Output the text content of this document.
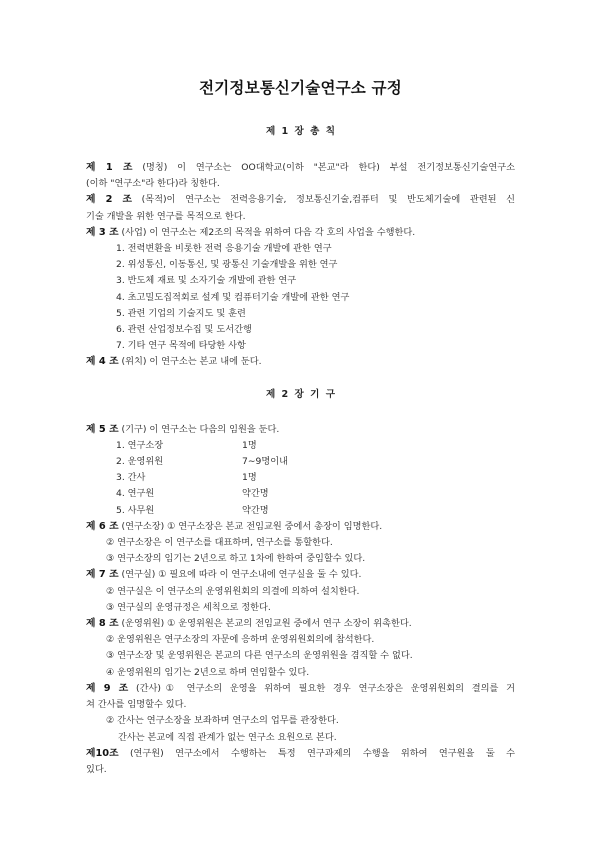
전기정보통신기술연구소 규정
제 1 장 총 칙
제 1 조 (명칭) 이 연구소는 OO대학교(이하 "본교"라 한다) 부설 전기정보통신기술연구소
(이하 "연구소"라 한다)라 칭한다.
제 2 조 (목적)이 연구소는 전력응용기술, 정보통신기술,컴퓨터 및 반도체기술에 관련된 신
기술 개발을 위한 연구를 목적으로 한다.
제 3 조 (사업) 이 연구소는 제2조의 목적을 위하여 다음 각 호의 사업을 수행한다.
1. 전력변환을 비롯한 전력 응용기술 개발에 관한 연구
2. 위성통신, 이동통신, 및 광통신 기술개발을 위한 연구
3. 반도체 재료 및 소자기술 개발에 관한 연구
4. 초고밀도집적회로 설계 및 컴퓨터기술 개발에 관한 연구
5. 관련 기업의 기술지도 및 훈련
6. 관련 산업정보수집 및 도서간행
7. 기타 연구 목적에 타당한 사항
제 4 조 (위치) 이 연구소는 본교 내에 둔다.
제 2 장 기 구
제 5 조 (기구) 이 연구소는 다음의 임원을 둔다.
1. 연구소장	1명
2. 운영위원	7∼9명이내
3. 간사	1명
4. 연구원	약간명
5. 사무원	약간명
제 6 조 (연구소장) ① 연구소장은 본교 전임교원 중에서 총장이 임명한다.
② 연구소장은 이 연구소를 대표하며, 연구소를 통할한다.
③ 연구소장의 임기는 2년으로 하고 1차에 한하여 중임할수 있다.
제 7 조 (연구실) ① 필요에 따라 이 연구소내에 연구실을 둘 수 있다.
② 연구실은 이 연구소의 운영위원회의 의결에 의하여 설치한다.
③ 연구실의 운영규정은 세칙으로 정한다.
제 8 조 (운영위원) ① 운영위원은 본교의 전임교원 중에서 연구 소장이 위촉한다.
② 운영위원은 연구소장의 자문에 응하며 운영위원회의에 참석한다.
③ 연구소장 및 운영위원은 본교의 다른 연구소의 운영위원을 겸직할 수 없다.
④ 운영위원의 임기는 2년으로 하며 연임할수 있다.
제 9 조 (간사)① 연구소의 운영을 위하여 필요한 경우 연구소장은 운영위원회의 결의를 거
쳐 간사를 임명할수 있다.
② 간사는 연구소장을 보좌하며 연구소의 업무를 관장한다.
간사는 본교에 직접 관계가 없는 연구소 요원으로 본다.
제10조 (연구원) 연구소에서 수행하는 특정 연구과제의 수행을 위하여 연구원을 둘 수
있다.
